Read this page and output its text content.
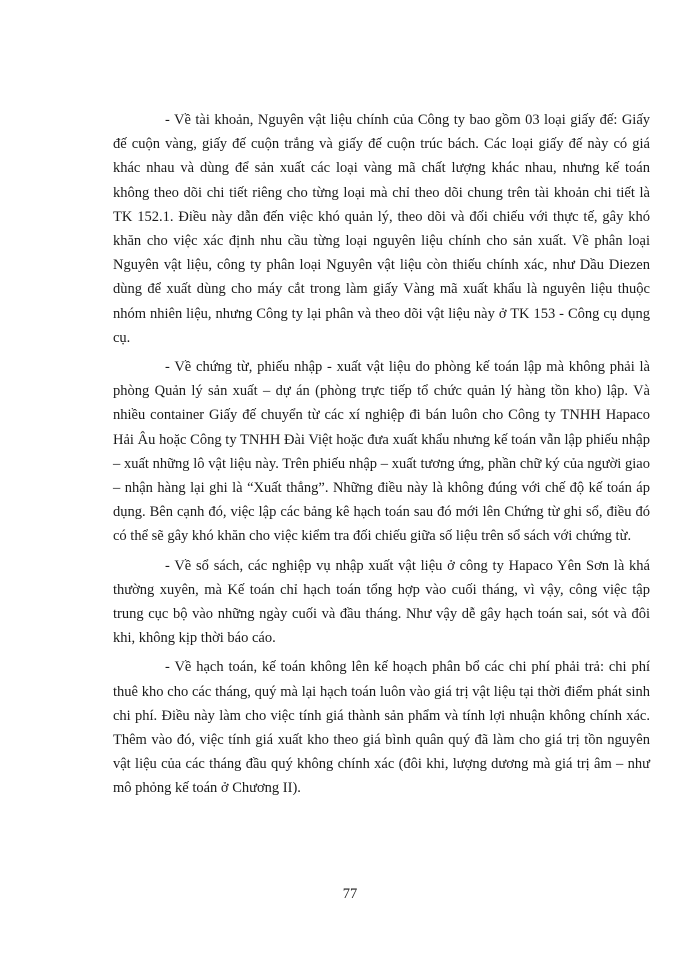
- Về tài khoản, Nguyên vật liệu chính của Công ty bao gồm 03 loại giấy đế: Giấy đế cuộn vàng, giấy đế cuộn trắng và giấy đế cuộn trúc bách. Các loại giấy đế này có giá khác nhau và dùng để sản xuất các loại vàng mã chất lượng khác nhau, nhưng kế toán không theo dõi chi tiết riêng cho từng loại mà chỉ theo dõi chung trên tài khoản chi tiết là TK 152.1. Điều này dẫn đến việc khó quản lý, theo dõi và đối chiếu với thực tế, gây khó khăn cho việc xác định nhu cầu từng loại nguyên liệu chính cho sản xuất. Về phân loại Nguyên vật liệu, công ty phân loại Nguyên vật liệu còn thiếu chính xác, như Dầu Diezen dùng để xuất dùng cho máy cắt trong làm giấy Vàng mã xuất khẩu là nguyên liệu thuộc nhóm nhiên liệu, nhưng Công ty lại phân và theo dõi vật liệu này ở TK 153 - Công cụ dụng cụ.

- Về chứng từ, phiếu nhập - xuất vật liệu do phòng kế toán lập mà không phải là phòng Quản lý sản xuất – dự án (phòng trực tiếp tổ chức quản lý hàng tồn kho) lập. Và nhiều container Giấy đế chuyển từ các xí nghiệp đi bán luôn cho Công ty TNHH Hapaco Hải Âu hoặc Công ty TNHH Đài Việt hoặc đưa xuất khẩu nhưng kế toán vẫn lập phiếu nhập – xuất những lô vật liệu này. Trên phiếu nhập – xuất tương ứng, phần chữ ký của người giao – nhận hàng lại ghi là “Xuất thẳng”. Những điều này là không đúng với chế độ kế toán áp dụng. Bên cạnh đó, việc lập các bảng kê hạch toán sau đó mới lên Chứng từ ghi sổ, điều đó có thể sẽ gây khó khăn cho việc kiểm tra đối chiếu giữa số liệu trên sổ sách với chứng từ.

- Về sổ sách, các nghiệp vụ nhập xuất vật liệu ở công ty Hapaco Yên Sơn là khá thường xuyên, mà Kế toán chỉ hạch toán tổng hợp vào cuối tháng, vì vậy, công việc tập trung cục bộ vào những ngày cuối và đầu tháng. Như vậy dễ gây hạch toán sai, sót và đôi khi, không kịp thời báo cáo.

- Về hạch toán, kế toán không lên kế hoạch phân bổ các chi phí phải trả: chi phí thuê kho cho các tháng, quý mà lại hạch toán luôn vào giá trị vật liệu tại thời điểm phát sinh chi phí. Điều này làm cho việc tính giá thành sản phẩm và tính lợi nhuận không chính xác. Thêm vào đó, việc tính giá xuất kho theo giá bình quân quý đã làm cho giá trị tồn nguyên vật liệu của các tháng đầu quý không chính xác (đôi khi, lượng dương mà giá trị âm – như mô phỏng kế toán ở Chương II).

77
